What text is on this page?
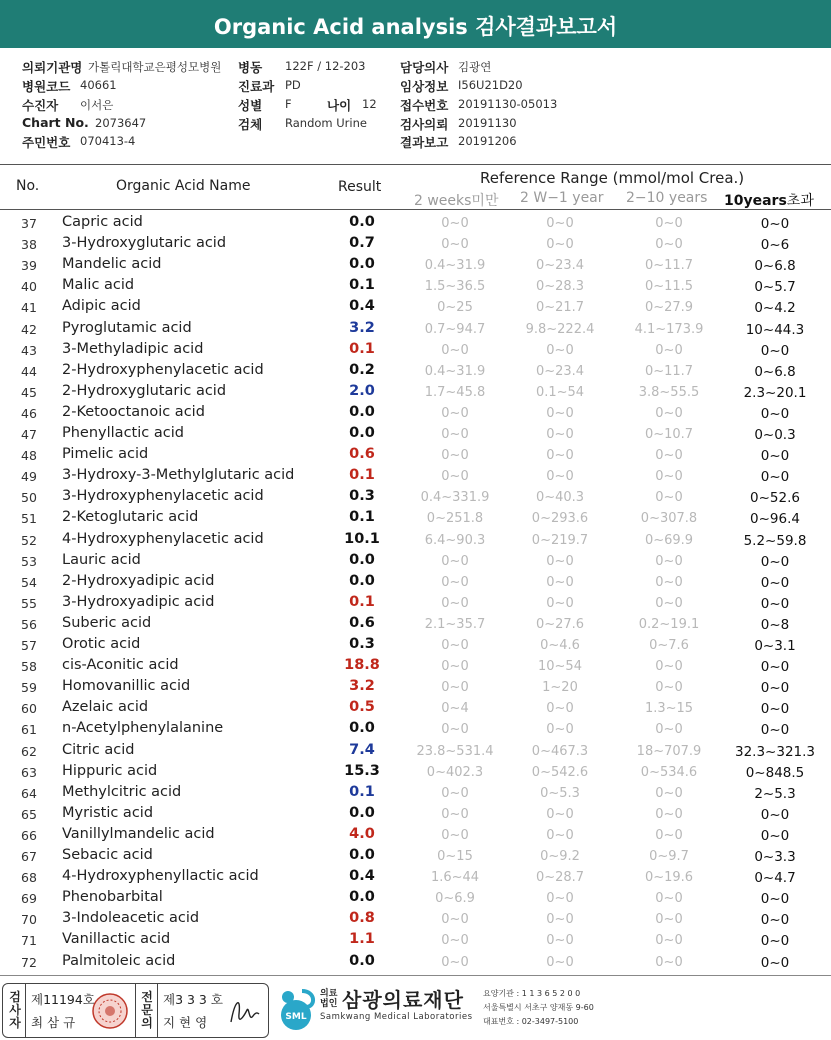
Organic Acid analysis 검사결과보고서
의뢰기관명 가톨릭대학교은평성모병원 병동 122F / 12-203	담당의사 김광연
병원코드 40661	진료과 PD	임상정보 I56U21D20
수진자 이서은	성별 F	나이 12 접수번호 20191130-05013
Chart No. 2073647	검체 Random Urine	검사의뢰 20191130
주민번호 070413-4	결과보고 20191206
No.	Organic Acid Name	Result	Reference Range (mmol/mol Crea.)
2 weeks미만 2 W−1 year 2−10 years 10years초과
37	Capric acid	0.0	0~0	0~0	0~0	0~0
38	3-Hydroxyglutaric acid	0.7	0~0	0~0	0~0	0~6
39	Mandelic acid	0.0	0.4~31.9	0~23.4	0~11.7	0~6.8
40	Malic acid	0.1	1.5~36.5	0~28.3	0~11.5	0~5.7
41	Adipic acid	0.4	0~25	0~21.7	0~27.9	0~4.2
42	Pyroglutamic acid	3.2	0.7~94.7	9.8~222.4	4.1~173.9	10~44.3
43	3-Methyladipic acid	0.1	0~0	0~0	0~0	0~0
44	2-Hydroxyphenylacetic acid	0.2	0.4~31.9	0~23.4	0~11.7	0~6.8
45	2-Hydroxyglutaric acid	2.0	1.7~45.8	0.1~54	3.8~55.5	2.3~20.1
46	2-Ketooctanoic acid	0.0	0~0	0~0	0~0	0~0
47	Phenyllactic acid	0.0	0~0	0~0	0~10.7	0~0.3
48	Pimelic acid	0.6	0~0	0~0	0~0	0~0
49	3-Hydroxy-3-Methylglutaric acid	0.1	0~0	0~0	0~0	0~0
50	3-Hydroxyphenylacetic acid	0.3	0.4~331.9	0~40.3	0~0	0~52.6
51	2-Ketoglutaric acid	0.1	0~251.8	0~293.6	0~307.8	0~96.4
52	4-Hydroxyphenylacetic acid	10.1	6.4~90.3	0~219.7	0~69.9	5.2~59.8
53	Lauric acid	0.0	0~0	0~0	0~0	0~0
54	2-Hydroxyadipic acid	0.0	0~0	0~0	0~0	0~0
55	3-Hydroxyadipic acid	0.1	0~0	0~0	0~0	0~0
56	Suberic acid	0.6	2.1~35.7	0~27.6	0.2~19.1	0~8
57	Orotic acid	0.3	0~0	0~4.6	0~7.6	0~3.1
58	cis-Aconitic acid	18.8	0~0	10~54	0~0	0~0
59	Homovanillic acid	3.2	0~0	1~20	0~0	0~0
60	Azelaic acid	0.5	0~4	0~0	1.3~15	0~0
61	n-Acetylphenylalanine	0.0	0~0	0~0	0~0	0~0
62	Citric acid	7.4	23.8~531.4	0~467.3	18~707.9	32.3~321.3
63	Hippuric acid	15.3	0~402.3	0~542.6	0~534.6	0~848.5
64	Methylcitric acid	0.1	0~0	0~5.3	0~0	2~5.3
65	Myristic acid	0.0	0~0	0~0	0~0	0~0
66	Vanillylmandelic acid	4.0	0~0	0~0	0~0	0~0
67	Sebacic acid	0.0	0~15	0~9.2	0~9.7	0~3.3
68	4-Hydroxyphenyllactic acid	0.4	1.6~44	0~28.7	0~19.6	0~4.7
69	Phenobarbital	0.0	0~6.9	0~0	0~0	0~0
70	3-Indoleacetic acid	0.8	0~0	0~0	0~0	0~0
71	Vanillactic acid	1.1	0~0	0~0	0~0	0~0
72	Palmitoleic acid	0.0	0~0	0~0	0~0	0~0
검사자
제11194호
최 삼 규
전문의
제3 3 3 호
지 현 영	SML
의료
법인 삼광의료재단
Samkwang Medical Laboratories
요양기관 : 1 1 3 6 5 2 0 0
서울특별시 서초구 양재동 9-60
대표번호 : 02-3497-5100
